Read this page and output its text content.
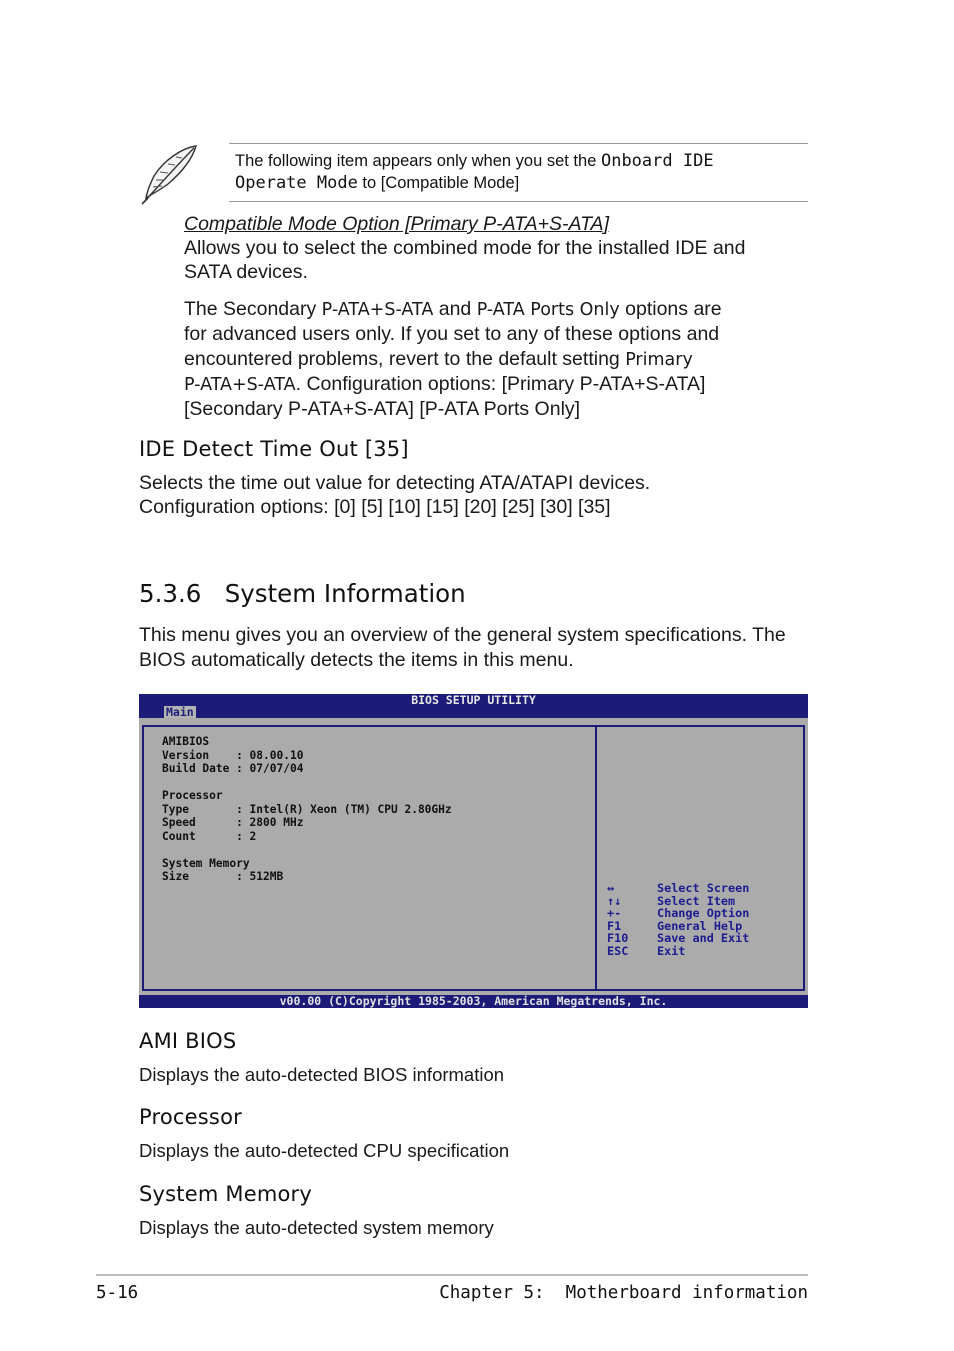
The following item appears only when you set the Onboard IDE
Operate Mode to [Compatible Mode]
Compatible Mode Option [Primary P-ATA+S-ATA]
Allows you to select the combined mode for the installed IDE and
SATA devices.
The Secondary P-ATA+S-ATA and P-ATA Ports Only options are
for advanced users only. If you set to any of these options and
encountered problems, revert to the default setting Primary
P-ATA+S-ATA. Configuration options: [Primary P-ATA+S-ATA]
[Secondary P-ATA+S-ATA] [P-ATA Ports Only]
IDE Detect Time Out [35]
Selects the time out value for detecting ATA/ATAPI devices.
Configuration options: [0] [5] [10] [15] [20] [25] [30] [35]
5.3.6   System Information
This menu gives you an overview of the general system specifications. The
BIOS automatically detects the items in this menu.
BIOS SETUP UTILITY
Main
AMIBIOS
Version    : 08.00.10
Build Date : 07/07/04

Processor
Type       : Intel(R) Xeon (TM) CPU 2.80GHz
Speed      : 2800 MHz
Count      : 2

System Memory
Size       : 512MB
↔	Select Screen
↑↓	Select Item
+-	Change Option
F1	General Help
F10	Save and Exit
ESC	Exit
v00.00 (C)Copyright 1985-2003, American Megatrends, Inc.
AMI BIOS
Displays the auto-detected BIOS information
Processor
Displays the auto-detected CPU specification
System Memory
Displays the auto-detected system memory
5-16	Chapter 5:  Motherboard information
